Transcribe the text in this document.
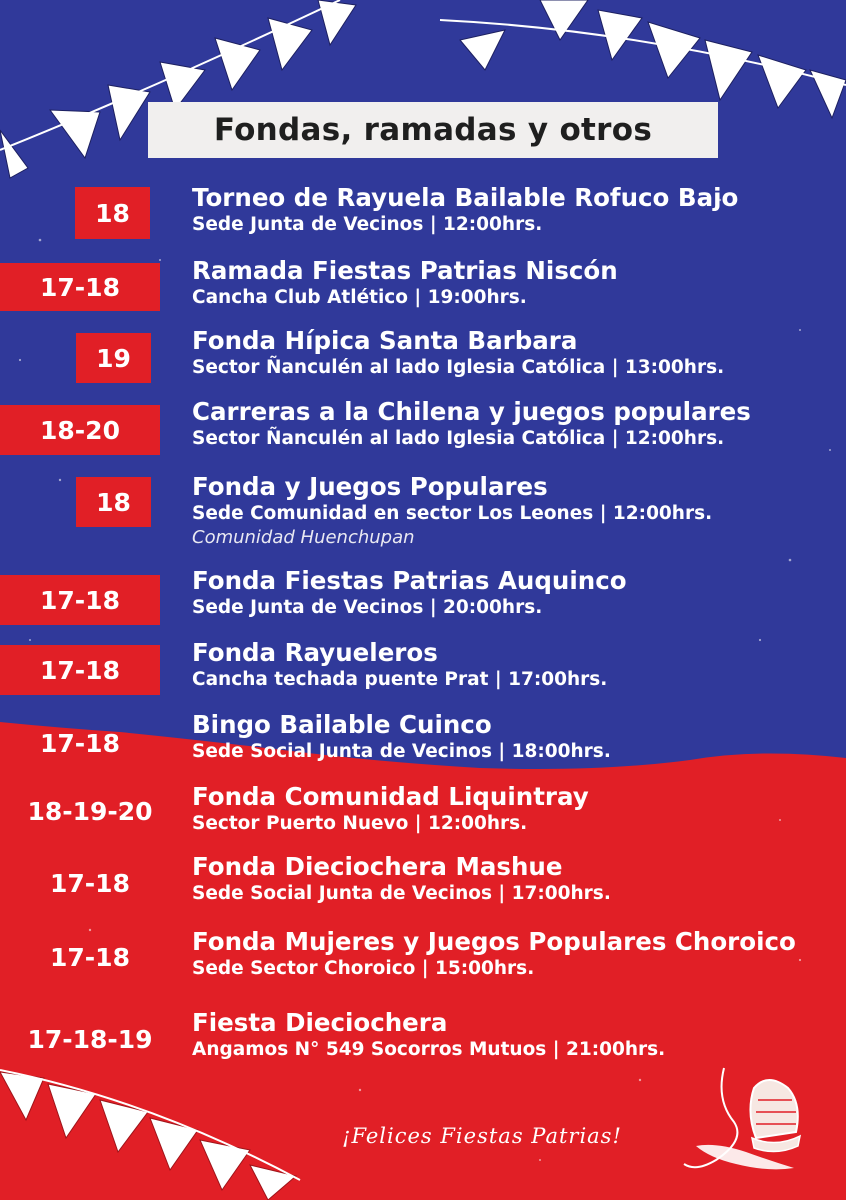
Fondas, ramadas y otros
18
Torneo de Rayuela Bailable Rofuco Bajo
Sede Junta de Vecinos | 12:00hrs.
17-18
Ramada Fiestas Patrias Niscón
Cancha Club Atlético | 19:00hrs.
19
Fonda Hípica Santa Barbara
Sector Ñanculén al lado Iglesia Católica | 13:00hrs.
18-20
Carreras a la Chilena y juegos populares
Sector Ñanculén al lado Iglesia Católica | 12:00hrs.
18
Fonda y Juegos Populares
Sede Comunidad en sector Los Leones | 12:00hrs.
Comunidad Huenchupan
17-18
Fonda Fiestas Patrias Auquinco
Sede Junta de Vecinos | 20:00hrs.
17-18
Fonda Rayueleros
Cancha techada puente Prat | 17:00hrs.
17-18
Bingo Bailable Cuinco
Sede Social Junta de Vecinos | 18:00hrs.
18-19-20 Fonda Comunidad Liquintray
Sector Puerto Nuevo | 12:00hrs.
17-18
Fonda Dieciochera Mashue
Sede Social Junta de Vecinos | 17:00hrs.
17-18
Fonda Mujeres y Juegos Populares Choroico
Sede Sector Choroico | 15:00hrs.
17-18-19
Fiesta Dieciochera
Angamos N° 549 Socorros Mutuos | 21:00hrs.
¡Felices Fiestas Patrias!
